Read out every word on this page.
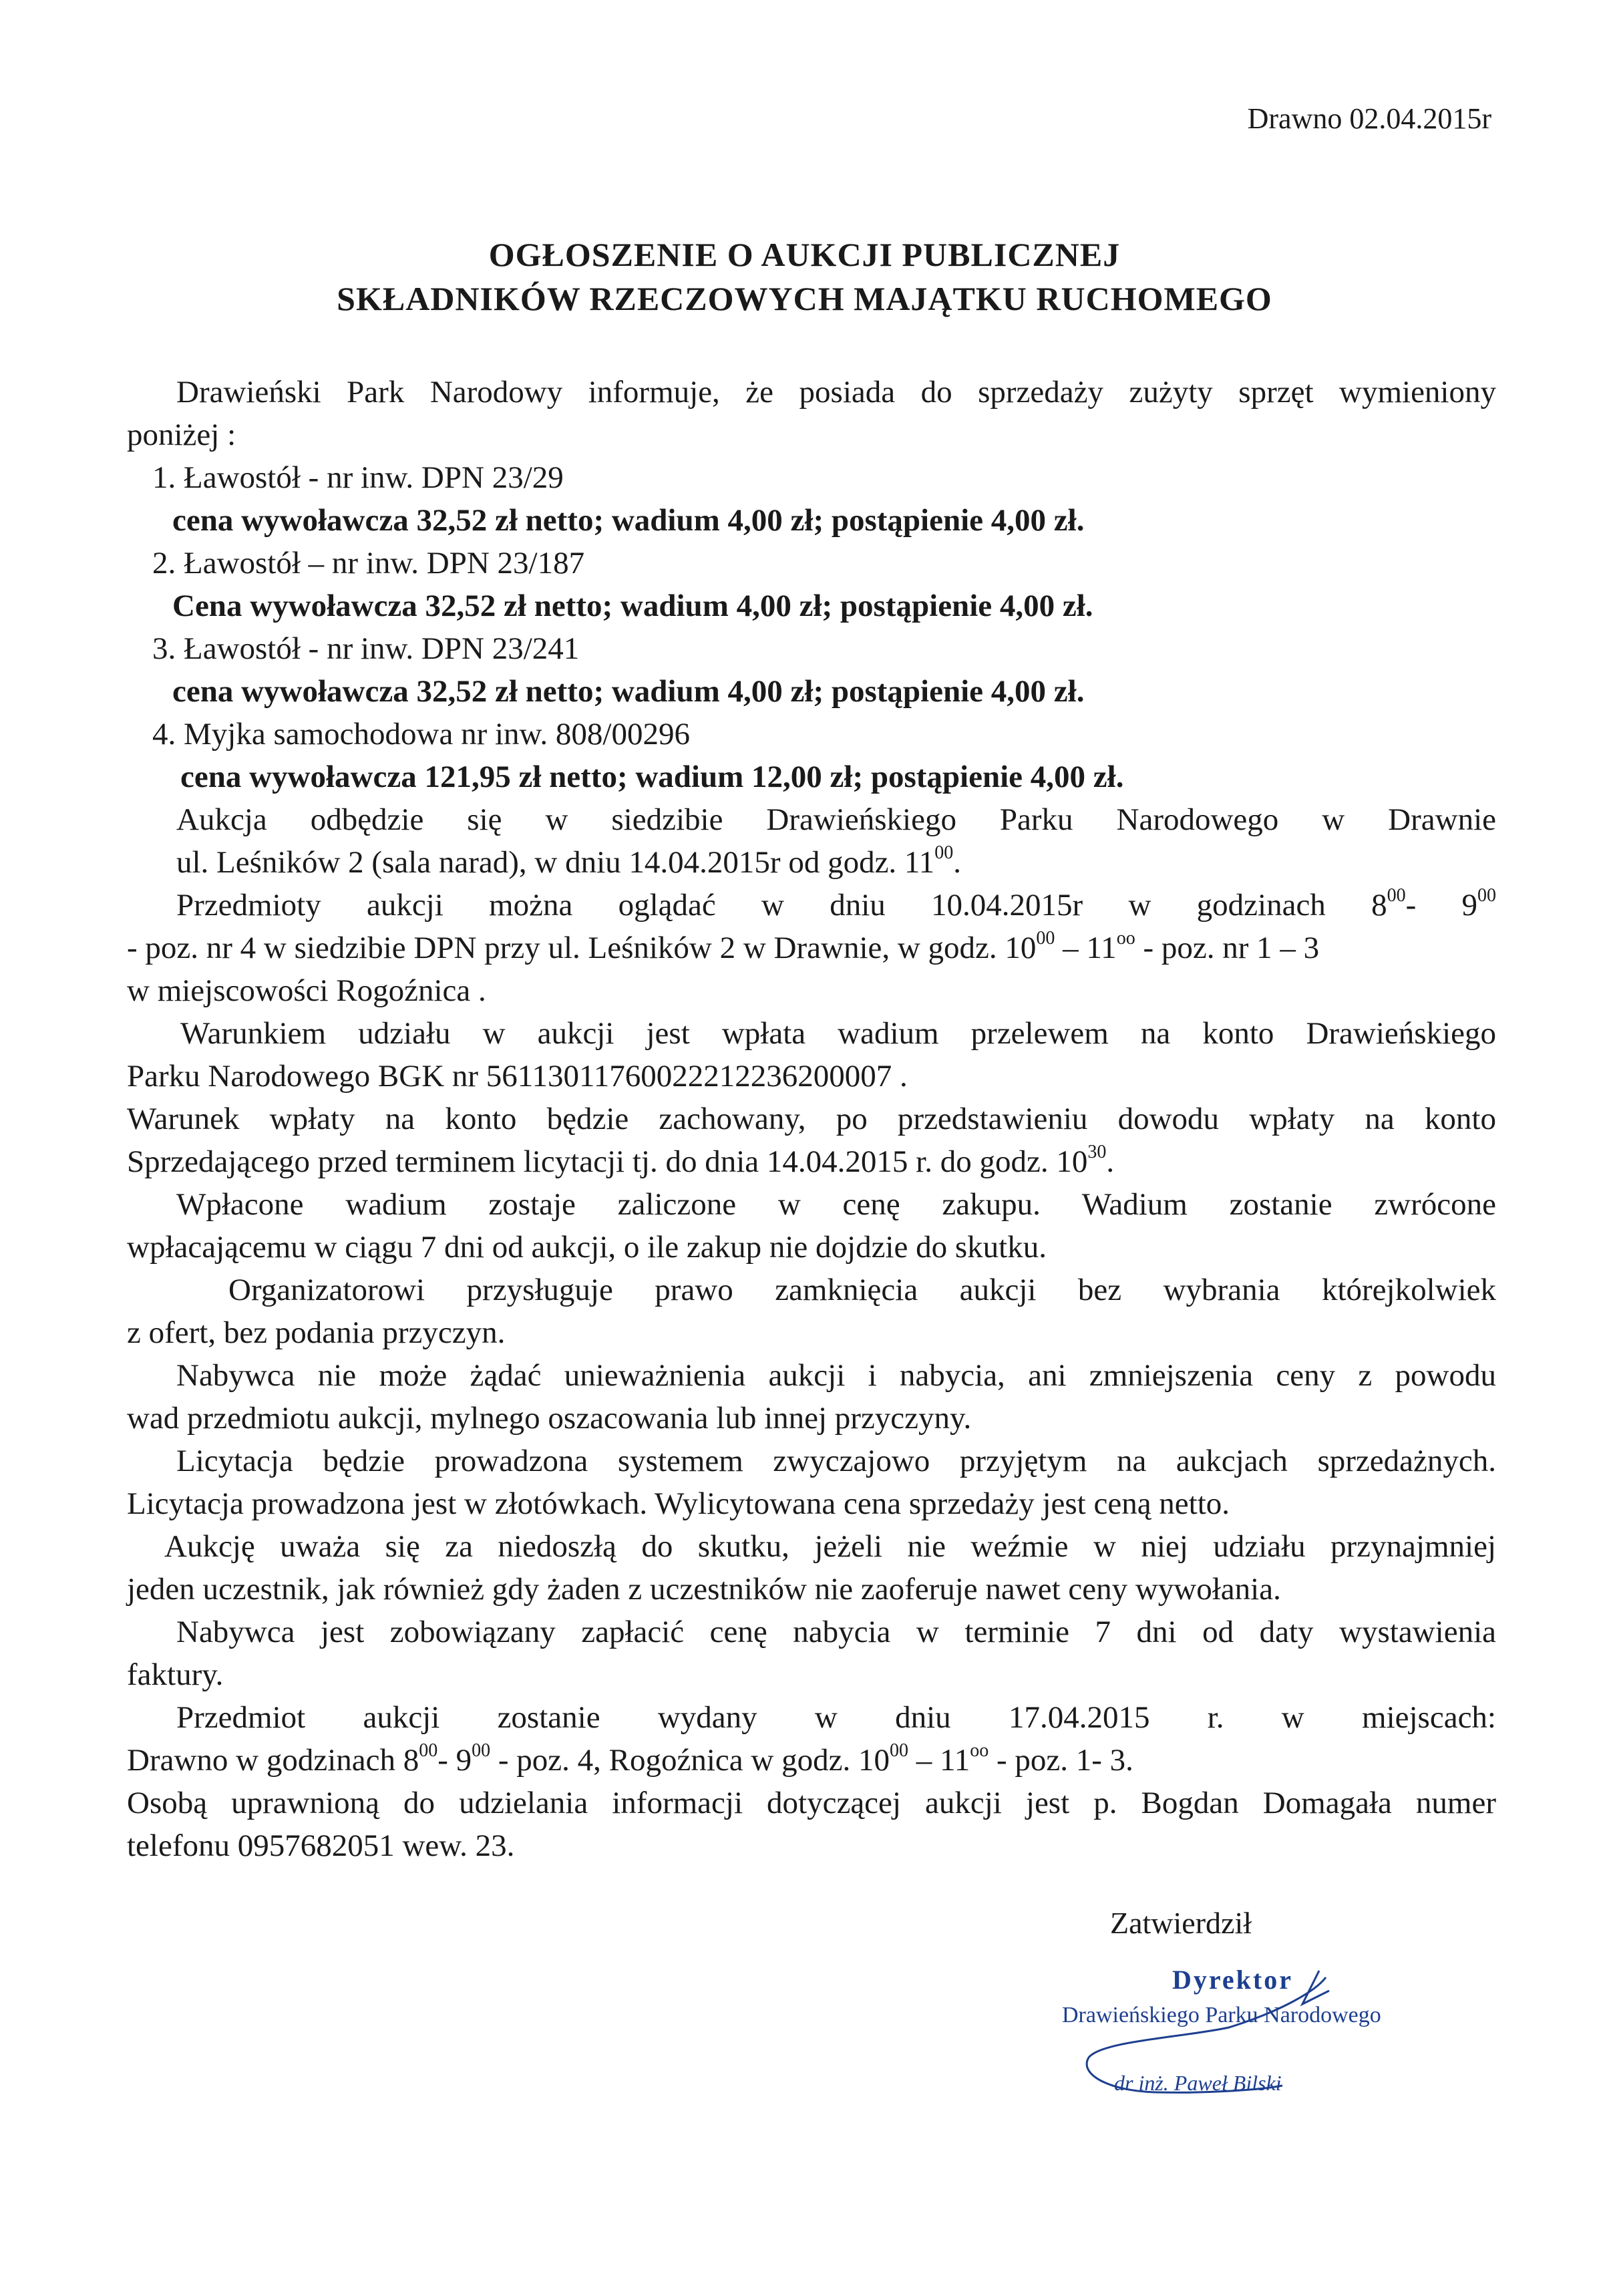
Drawno 02.04.2015r
OGŁOSZENIE O AUKCJI PUBLICZNEJ
SKŁADNIKÓW RZECZOWYCH MAJĄTKU RUCHOMEGO
Drawieński Park Narodowy informuje, że posiada do sprzedaży zużyty sprzęt wymieniony
poniżej :
1. Ławostół - nr inw. DPN 23/29
cena wywoławcza 32,52 zł netto; wadium 4,00 zł; postąpienie 4,00 zł.
2. Ławostół – nr inw. DPN 23/187
Cena wywoławcza 32,52 zł netto; wadium 4,00 zł; postąpienie 4,00 zł.
3. Ławostół - nr inw. DPN 23/241
cena wywoławcza 32,52 zł netto; wadium 4,00 zł; postąpienie 4,00 zł.
4. Myjka samochodowa nr inw. 808/00296
cena wywoławcza 121,95 zł netto; wadium 12,00 zł; postąpienie 4,00 zł.
Aukcja odbędzie się w siedzibie Drawieńskiego Parku Narodowego w Drawnie
ul. Leśników 2 (sala narad), w dniu 14.04.2015r od godz. $11^{00}$.
Przedmioty aukcji można oglądać w dniu 10.04.2015r w godzinach $8^{00}-$ $9^{00}$
- poz. nr 4 w siedzibie DPN przy ul. Leśników 2 w Drawnie, w godz. $10^{00} - 11^{oo}$ - poz. nr 1 – 3
w miejscowości Rogoźnica .
Warunkiem udziału w aukcji jest wpłata wadium przelewem na konto Drawieńskiego
Parku Narodowego BGK nr 56113011760022212236200007 .
Warunek wpłaty na konto będzie zachowany, po przedstawieniu dowodu wpłaty na konto
Sprzedającego przed terminem licytacji tj. do dnia 14.04.2015 r. do godz. $10^{30}$.
Wpłacone wadium zostaje zaliczone w cenę zakupu. Wadium zostanie zwrócone
wpłacającemu w ciągu 7 dni od aukcji, o ile zakup nie dojdzie do skutku.
Organizatorowi przysługuje prawo zamknięcia aukcji bez wybrania którejkolwiek
z ofert, bez podania przyczyn.
Nabywca nie może żądać unieważnienia aukcji i nabycia, ani zmniejszenia ceny z powodu
wad przedmiotu aukcji, mylnego oszacowania lub innej przyczyny.
Licytacja będzie prowadzona systemem zwyczajowo przyjętym na aukcjach sprzedażnych.
Licytacja prowadzona jest w złotówkach. Wylicytowana cena sprzedaży jest ceną netto.
Aukcję uważa się za niedoszłą do skutku, jeżeli nie weźmie w niej udziału przynajmniej
jeden uczestnik, jak również gdy żaden z uczestników nie zaoferuje nawet ceny wywołania.
Nabywca jest zobowiązany zapłacić cenę nabycia w terminie 7 dni od daty wystawienia
faktury.
Przedmiot aukcji zostanie wydany w dniu 17.04.2015 r. w miejscach:
Drawno w godzinach $8^{00}-$ $9^{00}$ - poz. 4, Rogoźnica w godz. $10^{00} - 11^{oo}$ - poz. 1- 3.
Osobą uprawnioną do udzielania informacji dotyczącej aukcji jest p. Bogdan Domagała numer
telefonu 0957682051 wew. 23.
Zatwierdził
Dyrektor
Drawieńskiego Parku Narodowego
dr inż. Paweł Bilski
